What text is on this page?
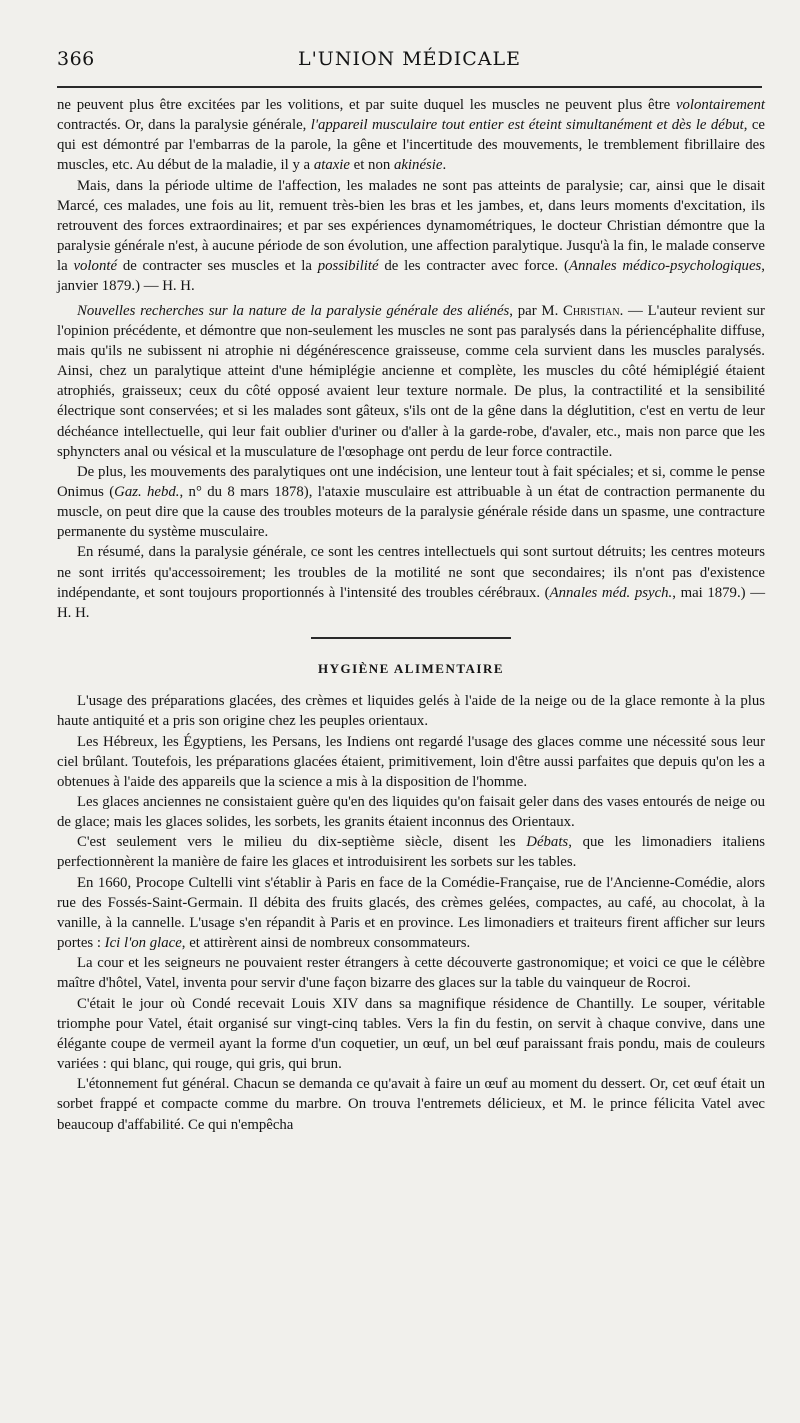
366	L'UNION MÉDICALE

ne peuvent plus être excitées par les volitions, et par suite duquel les muscles ne peuvent plus être volontairement contractés. Or, dans la paralysie générale, l'appareil musculaire tout entier est éteint simultanément et dès le début, ce qui est démontré par l'embarras de la parole, la gêne et l'incertitude des mouvements, le tremblement fibrillaire des muscles, etc. Au début de la maladie, il y a ataxie et non akinésie.

Mais, dans la période ultime de l'affection, les malades ne sont pas atteints de paralysie; car, ainsi que le disait Marcé, ces malades, une fois au lit, remuent très-bien les bras et les jambes, et, dans leurs moments d'excitation, ils retrouvent des forces extraordinaires; et par ses expériences dynamométriques, le docteur Christian démontre que la paralysie générale n'est, à aucune période de son évolution, une affection paralytique. Jusqu'à la fin, le malade conserve la volonté de contracter ses muscles et la possibilité de les contracter avec force. (Annales médico-psychologiques, janvier 1879.) — H. H.

Nouvelles recherches sur la nature de la paralysie générale des aliénés, par M. Christian. — L'auteur revient sur l'opinion précédente, et démontre que non-seulement les muscles ne sont pas paralysés dans la périencéphalite diffuse, mais qu'ils ne subissent ni atrophie ni dégénérescence graisseuse, comme cela survient dans les muscles paralysés. Ainsi, chez un paralytique atteint d'une hémiplégie ancienne et complète, les muscles du côté hémiplégié étaient atrophiés, graisseux; ceux du côté opposé avaient leur texture normale. De plus, la contractilité et la sensibilité électrique sont conservées; et si les malades sont gâteux, s'ils ont de la gêne dans la déglutition, c'est en vertu de leur déchéance intellectuelle, qui leur fait oublier d'uriner ou d'aller à la garde-robe, d'avaler, etc., mais non parce que les sphyncters anal ou vésical et la musculature de l'œsophage ont perdu de leur force contractile.

De plus, les mouvements des paralytiques ont une indécision, une lenteur tout à fait spéciales; et si, comme le pense Onimus (Gaz. hebd., n° du 8 mars 1878), l'ataxie musculaire est attribuable à un état de contraction permanente du muscle, on peut dire que la cause des troubles moteurs de la paralysie générale réside dans un spasme, une contracture permanente du système musculaire.

En résumé, dans la paralysie générale, ce sont les centres intellectuels qui sont surtout détruits; les centres moteurs ne sont irrités qu'accessoirement; les troubles de la motilité ne sont que secondaires; ils n'ont pas d'existence indépendante, et sont toujours proportionnés à l'intensité des troubles cérébraux. (Annales méd. psych., mai 1879.) — H. H.

HYGIÈNE ALIMENTAIRE

L'usage des préparations glacées, des crèmes et liquides gelés à l'aide de la neige ou de la glace remonte à la plus haute antiquité et a pris son origine chez les peuples orientaux.

Les Hébreux, les Égyptiens, les Persans, les Indiens ont regardé l'usage des glaces comme une nécessité sous leur ciel brûlant. Toutefois, les préparations glacées étaient, primitivement, loin d'être aussi parfaites que depuis qu'on les a obtenues à l'aide des appareils que la science a mis à la disposition de l'homme.

Les glaces anciennes ne consistaient guère qu'en des liquides qu'on faisait geler dans des vases entourés de neige ou de glace; mais les glaces solides, les sorbets, les granits étaient inconnus des Orientaux.

C'est seulement vers le milieu du dix-septième siècle, disent les Débats, que les limonadiers italiens perfectionnèrent la manière de faire les glaces et introduisirent les sorbets sur les tables.

En 1660, Procope Cultelli vint s'établir à Paris en face de la Comédie-Française, rue de l'Ancienne-Comédie, alors rue des Fossés-Saint-Germain. Il débita des fruits glacés, des crèmes gelées, compactes, au café, au chocolat, à la vanille, à la cannelle. L'usage s'en répandit à Paris et en province. Les limonadiers et traiteurs firent afficher sur leurs portes : Ici l'on glace, et attirèrent ainsi de nombreux consommateurs.

La cour et les seigneurs ne pouvaient rester étrangers à cette découverte gastronomique; et voici ce que le célèbre maître d'hôtel, Vatel, inventa pour servir d'une façon bizarre des glaces sur la table du vainqueur de Rocroi.

C'était le jour où Condé recevait Louis XIV dans sa magnifique résidence de Chantilly. Le souper, véritable triomphe pour Vatel, était organisé sur vingt-cinq tables. Vers la fin du festin, on servit à chaque convive, dans une élégante coupe de vermeil ayant la forme d'un coquetier, un œuf, un bel œuf paraissant frais pondu, mais de couleurs variées : qui blanc, qui rouge, qui gris, qui brun.

L'étonnement fut général. Chacun se demanda ce qu'avait à faire un œuf au moment du dessert. Or, cet œuf était un sorbet frappé et compacte comme du marbre. On trouva l'entremets délicieux, et M. le prince félicita Vatel avec beaucoup d'affabilité. Ce qui n'empêcha
